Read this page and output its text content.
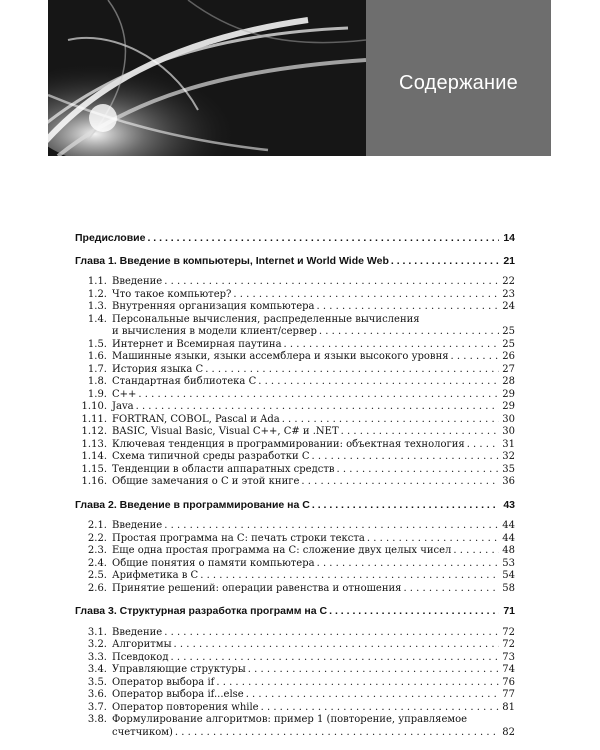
Содержание
Предисловие . . .	14
Глава 1. Введение в компьютеры, Internet и World Wide Web . . .	21
1.1. Введение . . .	22
1.2. Что такое компьютер? . . .	23
1.3. Внутренняя организация компьютера . . .	24
1.4. Персональные вычисления, распределенные вычисления
и вычисления в модели клиент/сервер . . .	25
1.5. Интернет и Всемирная паутина . . .	25
1.6. Машинные языки, языки ассемблера и языки высокого уровня . . .	26
1.7. История языка С . . .	27
1.8. Стандартная библиотека С . . .	28
1.9. C++ . . .	29
1.10. Java . . .	29
1.11. FORTRAN, COBOL, Pascal и Ada . . .	30
1.12. BASIC, Visual Basic, Visual C++, C# и .NET . . .	30
1.13. Ключевая тенденция в программировании: объектная технология . . .	31
1.14. Схема типичной среды разработки С . . .	32
1.15. Тенденции в области аппаратных средств . . .	35
1.16. Общие замечания о С и этой книге . . .	36
Глава 2. Введение в программирование на С . . .	43
2.1. Введение . . .	44
2.2. Простая программа на С: печать строки текста . . .	44
2.3. Еще одна простая программа на С: сложение двух целых чисел . . .	48
2.4. Общие понятия о памяти компьютера . . .	53
2.5. Арифметика в С . . .	54
2.6. Принятие решений: операции равенства и отношения . . .	58
Глава 3. Структурная разработка программ на С . . .	71
3.1. Введение . . .	72
3.2. Алгоритмы . . .	72
3.3. Псевдокод . . .	73
3.4. Управляющие структуры . . .	74
3.5. Оператор выбора if . . .	76
3.6. Оператор выбора if...else . . .	77
3.7. Оператор повторения while . . .	81
3.8. Формулирование алгоритмов: пример 1 (повторение, управляемое
счетчиком) . . .	82
